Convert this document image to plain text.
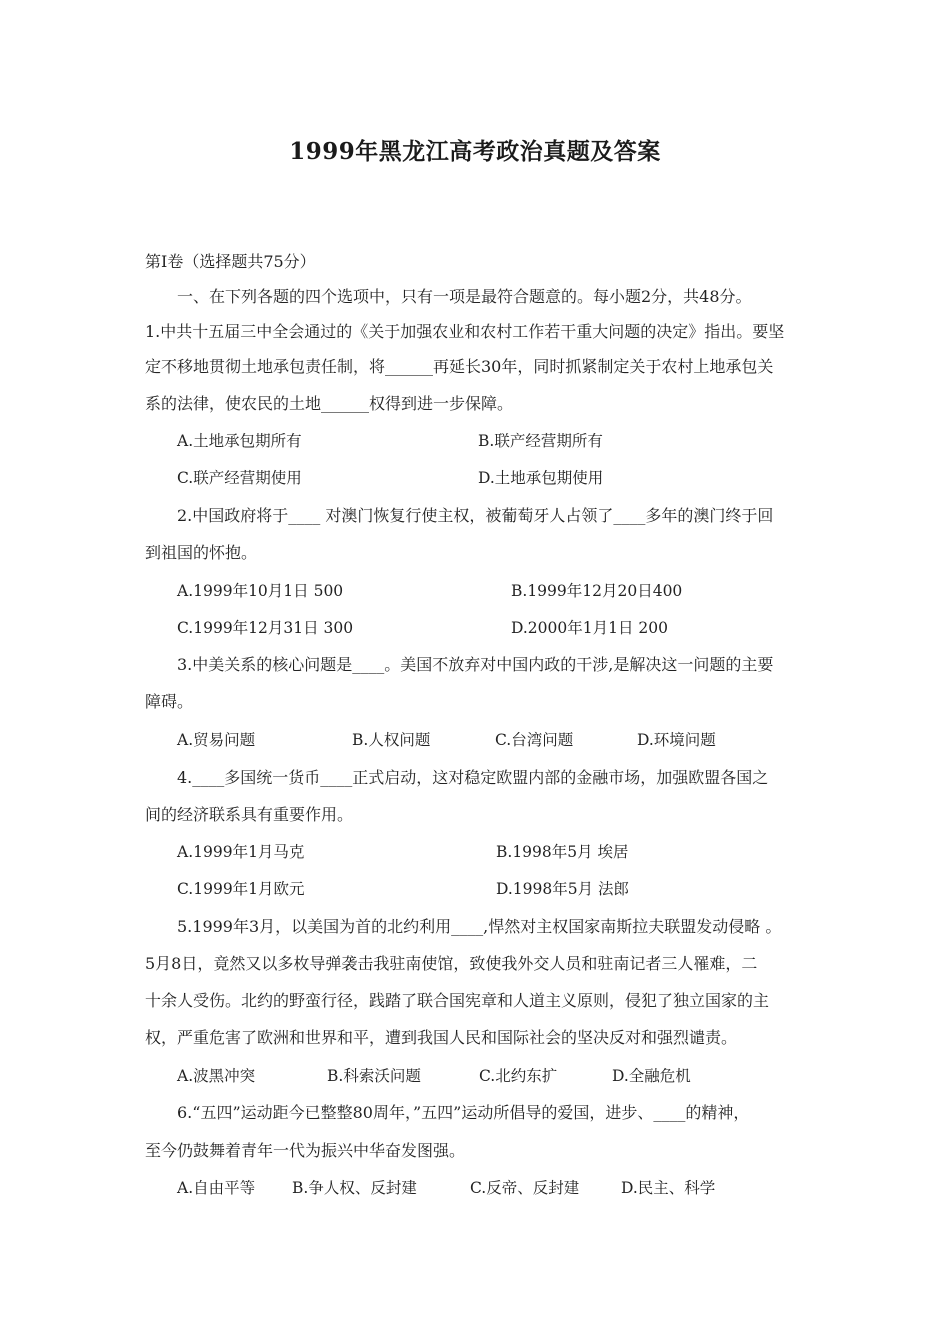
1999年黑龙江高考政治真题及答案
第Ⅰ卷（选择题共75分）
一、在下列各题的四个选项中，只有一项是最符合题意的。每小题2分，共48分。
1.中共十五届三中全会通过的《关于加强农业和农村工作若干重大问题的决定》指出。要坚
定不移地贯彻土地承包责任制，将______再延长30年，同时抓紧制定关于农村上地承包关
系的法律，使农民的土地______权得到进一步保障。
A.土地承包期所有	B.联产经营期所有
C.联产经营期使用	D.土地承包期使用
2.中国政府将于____ 对澳门恢复行使主权，被葡萄牙人占领了____多年的澳门终于回
到祖国的怀抱。
A.1999年10月1日 500	B.1999年12月20日400
C.1999年12月31日 300	D.2000年1月1日 200
3.中美关系的核心问题是____。美国不放弃对中国内政的干涉,是解决这一问题的主要
障碍。
A.贸易问题	B.人权问题	C.台湾问题	D.环境问题
4.____多国统一货币____正式启动，这对稳定欧盟内部的金融市场，加强欧盟各国之
间的经济联系具有重要作用。
A.1999年1月马克	B.1998年5月 埃居
C.1999年1月欧元	D.1998年5月 法郎
5.1999年3月，以美国为首的北约利用____,悍然对主权国家南斯拉夫联盟发动侵略 。
5月8日，竟然又以多枚导弹袭击我驻南使馆，致使我外交人员和驻南记者三人罹难，二
十余人受伤。北约的野蛮行径，践踏了联合国宪章和人道主义原则，侵犯了独立国家的主
权，严重危害了欧洲和世界和平，遭到我国人民和国际社会的坚决反对和强烈谴责。
A.波黑冲突	B.科索沃问题	C.北约东扩	D.全融危机
6.“五四”运动距今已整整80周年，”五四”运动所倡导的爱国，进步、____的精神，
至今仍鼓舞着青年一代为振兴中华奋发图强。
A.自由平等 B.争人权、反封建	C.反帝、反封建	D.民主、科学
